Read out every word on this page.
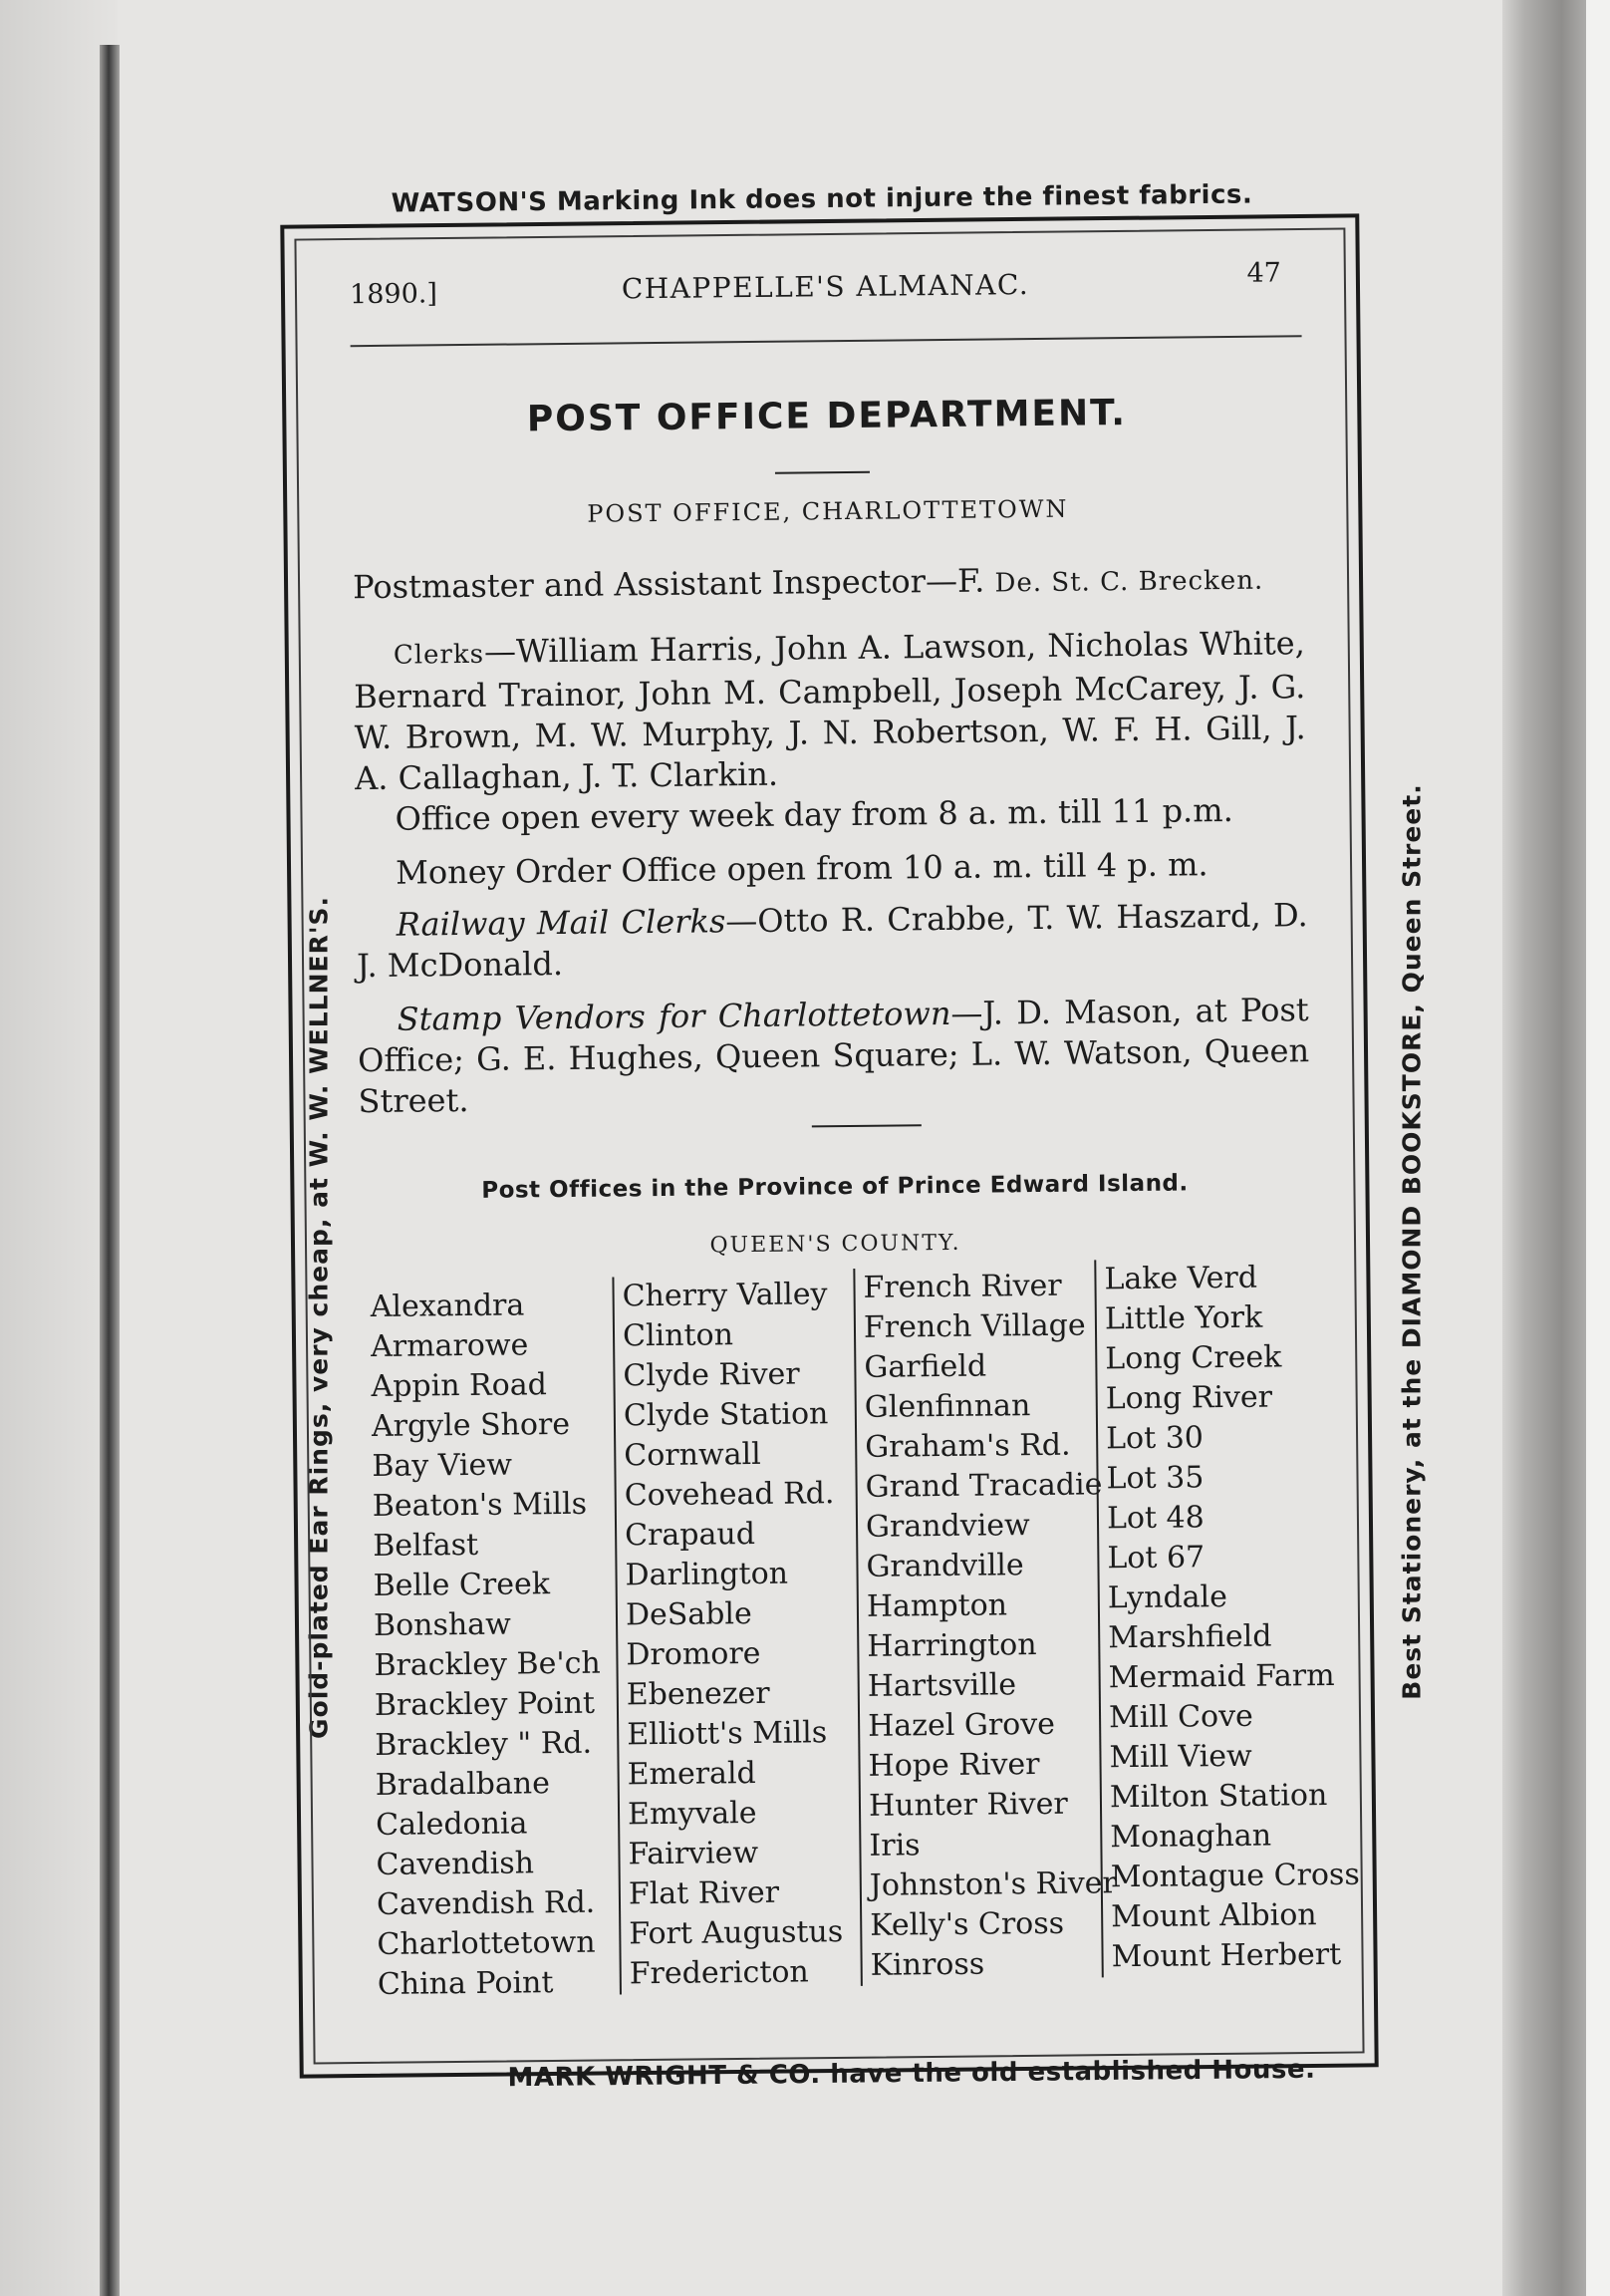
WATSON'S Marking Ink does not injure the finest fabrics.
MARK WRIGHT & CO. have the old established House.
Gold-plated Ear Rings, very cheap, at W. W. WELLNER'S.	Best Stationery, at the DIAMOND BOOKSTORE, Queen Street.
1890.]	CHAPPELLE'S ALMANAC.	47
POST OFFICE DEPARTMENT.
POST OFFICE, CHARLOTTETOWN
Postmaster and Assistant Inspector—F. De. St. C. Brecken.
Clerks—William Harris, John A. Lawson, Nicholas White, Bernard Trainor, John M. Campbell, Joseph McCarey, J. G. W. Brown, M. W. Murphy, J. N. Robertson, W. F. H. Gill, J. A. Callaghan, J. T. Clarkin.
Office open every week day from 8 a. m. till 11 p.m.
Money Order Office open from 10 a. m. till 4 p. m.
Railway Mail Clerks—Otto R. Crabbe, T. W. Haszard, D. J. McDonald.
Stamp Vendors for Charlottetown—J. D. Mason, at Post Office; G. E. Hughes, Queen Square; L. W. Watson, Queen Street.
Post Offices in the Province of Prince Edward Island.
QUEEN'S COUNTY.
Alexandra
Armarowe
Appin Road
Argyle Shore
Bay View
Beaton's Mills
Belfast
Belle Creek
Bonshaw
Brackley Be'ch
Brackley Point
Brackley " Rd.
Bradalbane
Caledonia
Cavendish
Cavendish Rd.
Charlottetown
China Point
Cherry Valley
Clinton
Clyde River
Clyde Station
Cornwall
Covehead Rd.
Crapaud
Darlington
DeSable
Dromore
Ebenezer
Elliott's Mills
Emerald
Emyvale
Fairview
Flat River
Fort Augustus
Fredericton
French River
French Village
Garfield
Glenfinnan
Graham's Rd.
Grand Tracadie
Grandview
Grandville
Hampton
Harrington
Hartsville
Hazel Grove
Hope River
Hunter River
Iris
Johnston's River
Kelly's Cross
Kinross
Lake Verd
Little York
Long Creek
Long River
Lot 30
Lot 35
Lot 48
Lot 67
Lyndale
Marshfield
Mermaid Farm
Mill Cove
Mill View
Milton Station
Monaghan
Montague Cross
Mount Albion
Mount Herbert
